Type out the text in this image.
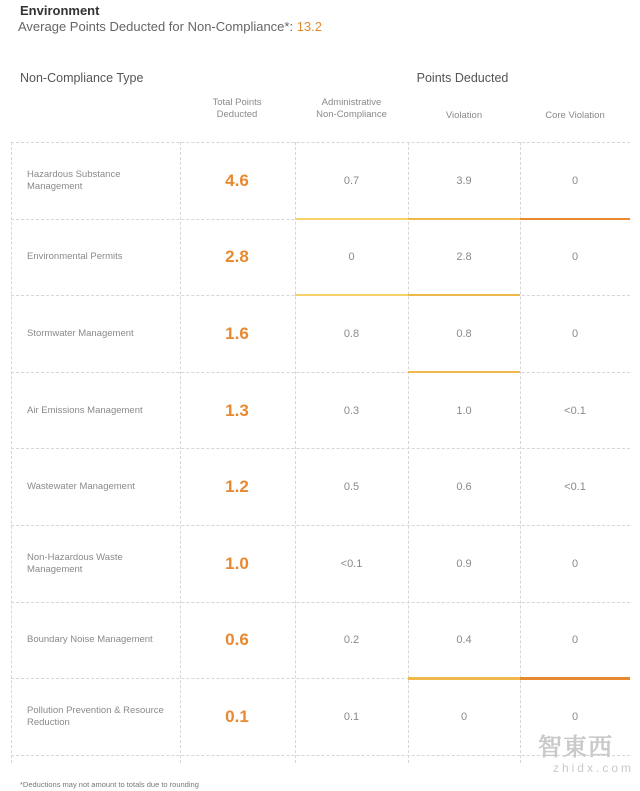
Environment
Average Points Deducted for Non-Compliance*: 13.2
Non-Compliance Type	Points Deducted
Total Points
Deducted
Administrative
Non-Compliance	Violation	Core Violation
Hazardous Substance Management	4.6	0.7	3.9	0
Environmental Permits	2.8	0	2.8	0
Stormwater Management	1.6	0.8	0.8	0
Air Emissions Management	1.3	0.3	1.0	<0.1
Wastewater Management	1.2	0.5	0.6	<0.1
Non-Hazardous Waste Management	1.0	<0.1	0.9	0
Boundary Noise Management	0.6	0.2	0.4	0
Pollution Prevention & Resource Reduction	0.1	0.1	0	0
*Deductions may not amount to totals due to rounding
智東西
zhidx.com
